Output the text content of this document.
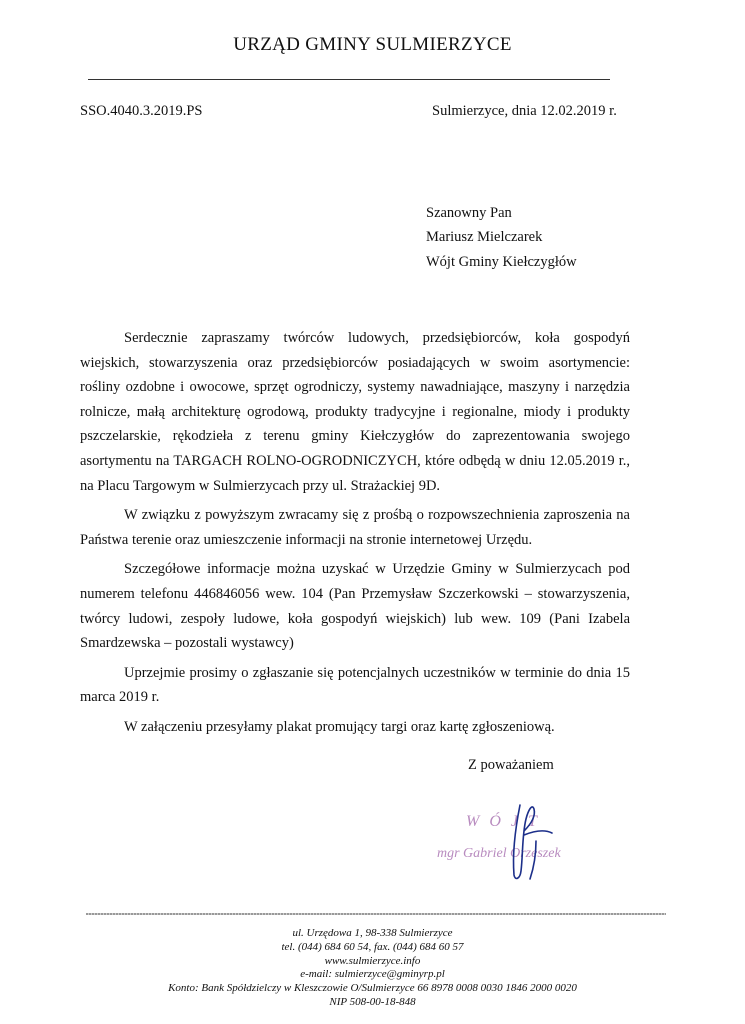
URZĄD GMINY SULMIERZYCE
SSO.4040.3.2019.PS	Sulmierzyce, dnia 12.02.2019 r.
Szanowny Pan
Mariusz Mielczarek
Wójt Gminy Kiełczygłów

Serdecznie zapraszamy twórców ludowych, przedsiębiorców, koła gospodyń wiejskich, stowarzyszenia oraz przedsiębiorców posiadających w swoim asortymencie: rośliny ozdobne i owocowe, sprzęt ogrodniczy, systemy nawadniające, maszyny i narzędzia rolnicze, małą architekturę ogrodową, produkty tradycyjne i regionalne, miody i produkty pszczelarskie, rękodzieła z terenu gminy Kiełczygłów do zaprezentowania swojego asortymentu na TARGACH ROLNO-OGRODNICZYCH, które odbędą w dniu 12.05.2019 r., na Placu Targowym w Sulmierzycach przy ul. Strażackiej 9D.

W związku z powyższym zwracamy się z prośbą o rozpowszechnienia zaproszenia na Państwa terenie oraz umieszczenie informacji na stronie internetowej Urzędu.

Szczegółowe informacje można uzyskać w Urzędzie Gminy w Sulmierzycach pod numerem telefonu 446846056 wew. 104 (Pan Przemysław Szczerkowski – stowarzyszenia, twórcy ludowi, zespoły ludowe, koła gospodyń wiejskich) lub wew. 109 (Pani Izabela Smardzewska – pozostali wystawcy)

Uprzejmie prosimy o zgłaszanie się potencjalnych uczestników w terminie do dnia 15 marca 2019 r.

W załączeniu przesyłamy plakat promujący targi oraz kartę zgłoszeniową.

Z poważaniem
WÓJT
mgr Gabriel Orzeszek
ul. Urzędowa 1, 98-338 Sulmierzyce
tel. (044) 684 60 54, fax. (044) 684 60 57
www.sulmierzyce.info
e-mail: sulmierzyce@gminyrp.pl
Konto: Bank Spółdzielczy w Kleszczowie O/Sulmierzyce 66 8978 0008 0030 1846 2000 0020
NIP 508-00-18-848
